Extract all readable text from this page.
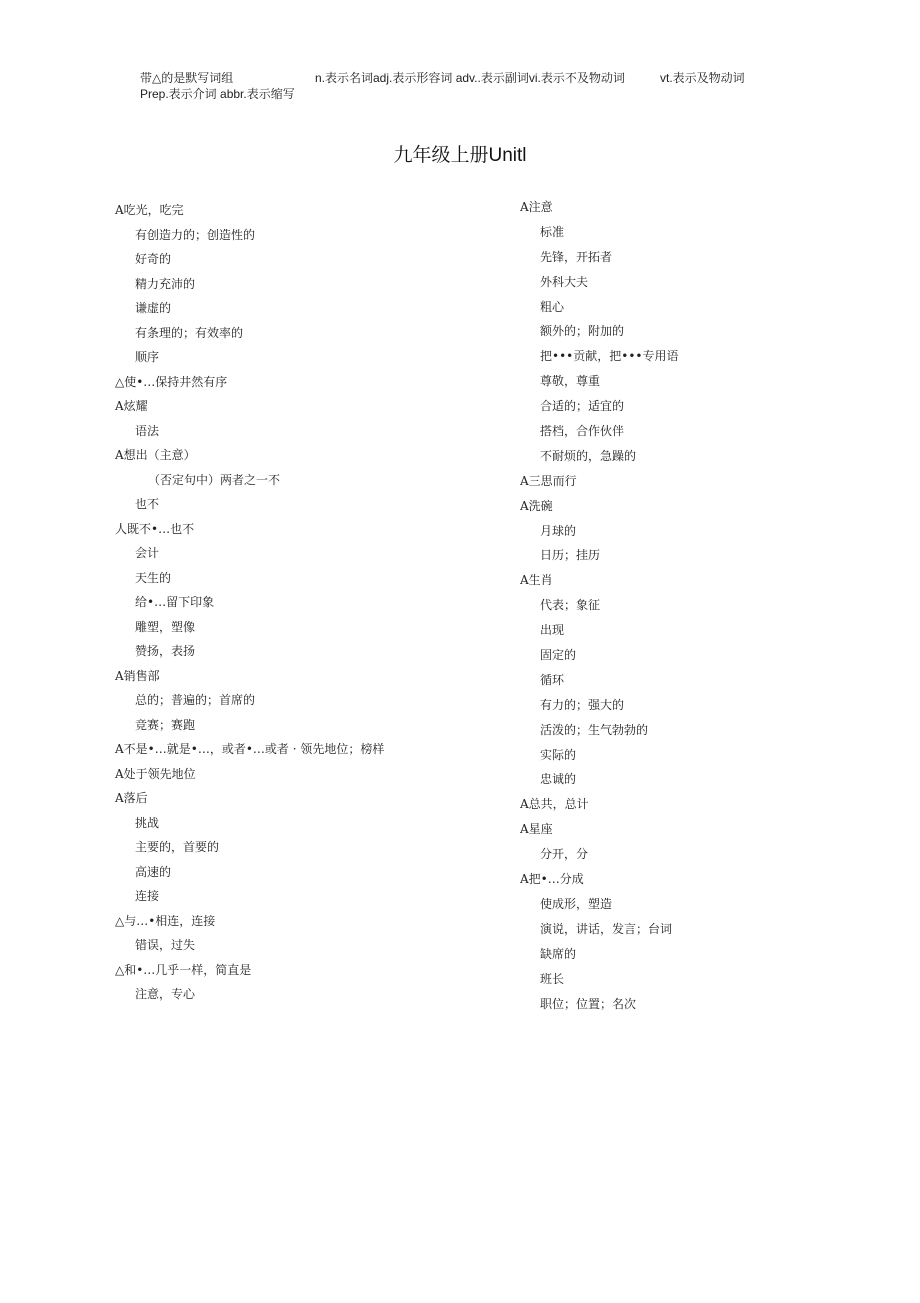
带△的是默写词组	n.表示名词adj.表示形容词 adv..表示副词vi.表示不及物动词	vt.表示及物动词
Prep.表示介词 abbr.表示缩写
九年级上册Unitl
A吃光，吃完
有创造力的；创造性的
好奇的
精力充沛的
谦虚的
有条理的；有效率的
顺序
△使•…保持井然有序
A炫耀
语法
A想出（主意）
（否定句中）两者之一不
也不
人既不•…也不
会计
天生的
给•…留下印象
雕塑，塑像
赞扬，表扬
A销售部
总的；普遍的；首席的
竞赛；赛跑
A不是•…就是•…，或者•…或者 · 领先地位；榜样
A处于领先地位
A落后
挑战
主要的，首要的
高速的
连接
△与…•相连，连接
错误，过失
△和•…几乎一样，简直是
注意，专心
A注意
标准
先锋，开拓者
外科大夫
粗心
额外的；附加的
把•••贡献，把•••专用语
尊敬，尊重
合适的；适宜的
搭档，合作伙伴
不耐烦的，急躁的
A三思而行
A洗碗
月球的
日历；挂历
A生肖
代表；象征
出现
固定的
循环
有力的；强大的
活泼的；生气勃勃的
实际的
忠诚的
A总共，总计
A星座
分开，分
A把•…分成
使成形，塑造
演说，讲话，发言；台词
缺席的
班长
职位；位置；名次
